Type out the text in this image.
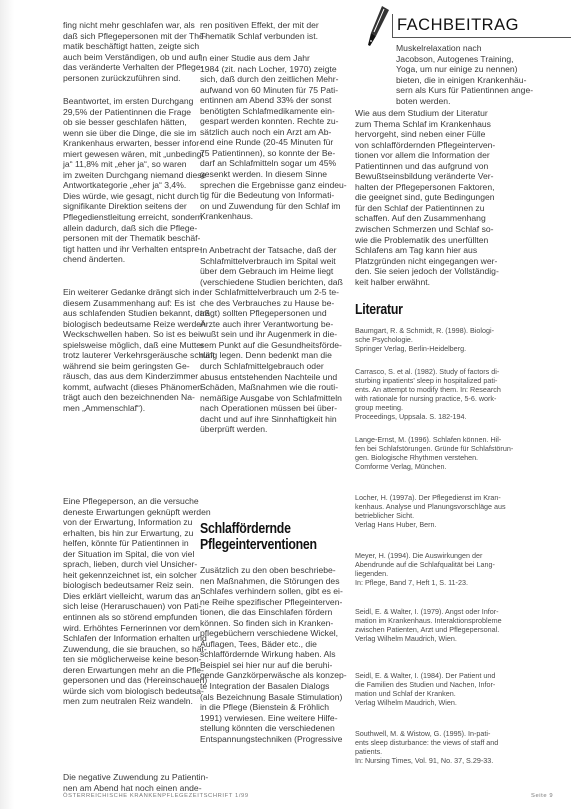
FACHBEITRAG

fing nicht mehr geschlafen war, als
daß sich Pflegepersonen mit der The-
matik beschäftigt hatten, zeigte sich
auch beim Verständigen, ob und auf
das veränderte Verhalten der Pflege-
personen zurückzuführen sind.

Beantwortet, im ersten Durchgang
29,5% der Patientinnen die Frage
ob sie besser geschlafen hätten,
wenn sie über die Dinge, die sie im
Krankenhaus erwarten, besser infor-
miert gewesen wären, mit „unbedingt
ja“ 11,8% mit „eher ja“, so waren
im zweiten Durchgang niemand diese
Antwortkategorie „eher ja“ 3,4%.
Dies würde, wie gesagt, nicht durch
signifikante Direktion seitens der
Pflegedienstleitung erreicht, sondern
allein dadurch, daß sich die Pflege-
personen mit der Thematik beschäf-
tigt hatten und ihr Verhalten entspre-
chend änderten.

Ein weiterer Gedanke drängt sich in
diesem Zusammenhang auf: Es ist
aus schlafenden Studien bekannt, daß
biologisch bedeutsame Reize werden
Weckschwellen haben. So ist es bei-
spielsweise möglich, daß eine Mutter
trotz lauterer Verkehrsgeräusche schläft
während sie beim geringsten Ge-
räusch, das aus dem Kinderzimmer
kommt, aufwacht (dieses Phänomen
trägt auch den bezeichnenden Na-
men „Ammenschlaf“).

Eine Pflegeperson, an die versuche
deneste Erwartungen geknüpft werden
von der Erwartung, Information zu
erhalten, bis hin zur Erwartung, zu
helfen, könnte für Patientinnen in
der Situation im Spital, die von viel
sprach, lieben, durch viel Unsicher-
heit gekennzeichnet ist, ein solcher
biologisch bedeutsamer Reiz sein.
Dies erklärt vielleicht, warum das an
sich leise (Heraruschauen) von Pati-
entinnen als so störend empfunden
wird. Erhöhtes Fernerinnen vor dem
Schlafen der Information erhalten und
Zuwendung, die sie brauchen, so hät-
ten sie möglicherweise keine beson-
deren Erwartungen mehr an die Pfle-
gepersonen und das (Hereinschauen)
würde sich vom biologisch bedeutsa-
men zum neutralen Reiz wandeln.

Die negative Zuwendung zu Patientin-
nen am Abend hat noch einen ande-

ren positiven Effekt, der mit der
Thematik Schlaf verbunden ist.

In einer Studie aus dem Jahr
1984 (zit. nach Locher, 1970) zeigte
sich, daß durch den zeitlichen Mehr-
aufwand von 60 Minuten für 75 Pati-
entinnen am Abend 33% der sonst
benötigten Schlafmedikamente ein-
gespart werden konnten. Rechte zu-
sätzlich auch noch ein Arzt am Ab-
end eine Runde (20-45 Minuten für
75 Patientinnen), so konnte der Be-
darf an Schlafmitteln sogar um 45%
gesenkt werden. In diesem Sinne
sprechen die Ergebnisse ganz eindeu-
tig für die Bedeutung von Informati-
on und Zuwendung für den Schlaf im
Krankenhaus.

In Anbetracht der Tatsache, daß der
Schlafmittelverbrauch im Spital weit
über dem Gebrauch im Heime liegt
(verschiedene Studien berichten, daß
der Schlafmittelverbrauch um 2-5 te-
che des Verbrauches zu Hause be-
trägt) sollten Pflegepersonen und
Ärzte auch ihrer Verantwortung be-
wußt sein und ihr Augenmerk in die-
sem Punkt auf die Gesundheitsförde-
rung legen. Denn bedenkt man die
durch Schlafmittelgebrauch oder
abusus entstehenden Nachteile und
Schäden, Maßnahmen wie die routi-
nemäßige Ausgabe von Schlafmitteln
nach Operationen müssen bei über-
dacht und auf ihre Sinnhaftigkeit hin
überprüft werden.

Schlaffördernde
Pflegeinterventionen

Zusätzlich zu den oben beschriebe-
nen Maßnahmen, die Störungen des
Schlafes verhindern sollen, gibt es ei-
ne Reihe spezifischer Pflegeinterven-
tionen, die das Einschlafen fördern
können. So finden sich in Kranken-
pflegebüchern verschiedene Wickel,
Auflagen, Tees, Bäder etc., die
schlaffördernde Wirkung haben. Als
Beispiel sei hier nur auf die beruhi-
gende Ganzkörperwäsche als konzep-
te Integration der Basalen Dialogs
(als Bezeichnung Basale Stimulation)
in die Pflege (Bienstein & Fröhlich
1991) verwiesen. Eine weitere Hilfe-
stellung könnten die verschiedenen
Entspannungstechniken (Progressive

Muskelrelaxation nach
Jacobson, Autogenes Training,
Yoga, um nur einige zu nennen)
bieten, die in einigen Krankenhäu-
sern als Kurs für Patientinnen ange-
boten werden.

Wie aus dem Studium der Literatur
zum Thema Schlaf im Krankenhaus
hervorgeht, sind neben einer Fülle
von schlaffördernden Pflegeinterven-
tionen vor allem die Information der
Patientinnen und das aufgrund von
Bewußtseinsbildung veränderte Ver-
halten der Pflegepersonen Faktoren,
die geeignet sind, gute Bedingungen
für den Schlaf der Patientinnen zu
schaffen. Auf den Zusammenhang
zwischen Schmerzen und Schlaf so-
wie die Problematik des unerfüllten
Schlafens am Tag kann hier aus
Platzgründen nicht eingegangen wer-
den. Sie seien jedoch der Vollständig-
keit halber erwähnt.

Literatur
Baumgart, R. & Schmidt, R. (1998). Biologi-
sche Psychologie.
Springer Verlag, Berlin-Heidelberg.
Carrasco, S. et al. (1982). Study of factors di-
sturbing inpatients' sleep in hospitalized pati-
ents. An attempt to modify them. In: Research
with rationale for nursing practice, 5-6. work-
group meeting.
Proceedings, Uppsala. S. 182-194.
Lange-Ernst, M. (1996). Schlafen können. Hil-
fen bei Schlafstörungen. Gründe für Schlafstörun-
gen. Biologische Rhythmen verstehen.
Comforme Verlag, München.
Locher, H. (1997a). Der Pflegedienst im Kran-
kenhaus. Analyse und Planungsvorschläge aus
betrieblicher Sicht.
Verlag Hans Huber, Bern.
Meyer, H. (1994). Die Auswirkungen der
Abendrunde auf die Schlafqualität bei Lang-
liegenden.
In: Pflege, Band 7, Heft 1, S. 11-23.
Seidl, E. & Walter, I. (1979). Angst oder Infor-
mation im Krankenhaus. Interaktionsprobleme
zwischen Patienten, Arzt und Pflegepersonal.
Verlag Wilhelm Maudrich, Wien.
Seidl, E. & Walter, I. (1984). Der Patient und
die Familien des Studien und Nachen, Infor-
mation und Schlaf der Kranken.
Verlag Wilhelm Maudrich, Wien.
Southwell, M. & Wistow, G. (1995). In-pati-
ents sleep disturbance: the views of staff and
patients.
In: Nursing Times, Vol. 91, No. 37, S.29-33.
ÖSTERREICHISCHE KRANKENPFLEGEZEITSCHRIFT 1/99	Seite 9
